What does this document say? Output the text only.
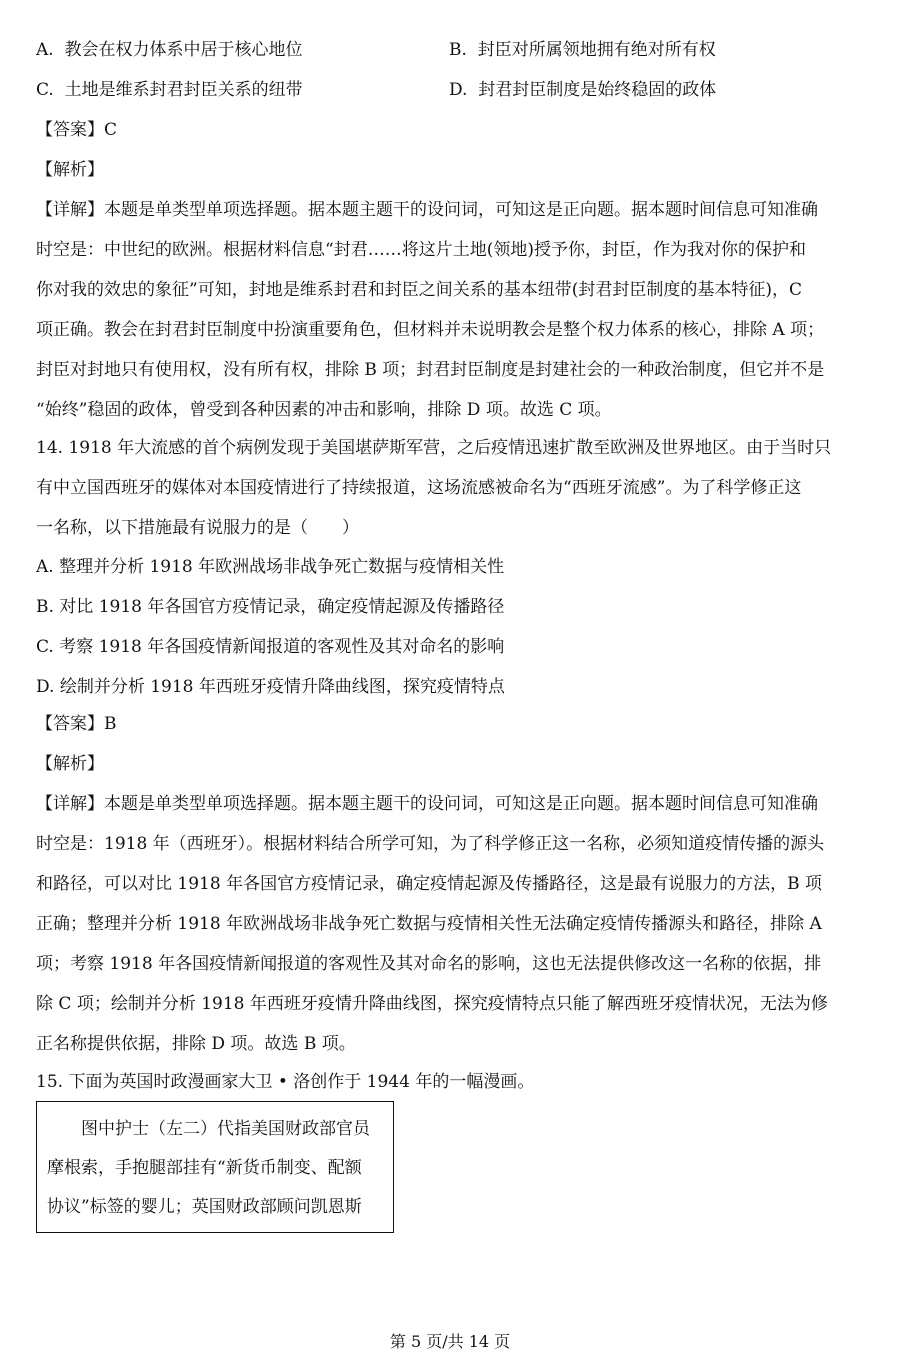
A. 教会在权力体系中居于核心地位	B. 封臣对所属领地拥有绝对所有权
C. 土地是维系封君封臣关系的纽带	D. 封君封臣制度是始终稳固的政体
【答案】C
【解析】
【详解】本题是单类型单项选择题。据本题主题干的设问词，可知这是正向题。据本题时间信息可知准确
时空是：中世纪的欧洲。根据材料信息“封君……将这片土地(领地)授予你，封臣，作为我对你的保护和
你对我的效忠的象征”可知，封地是维系封君和封臣之间关系的基本纽带(封君封臣制度的基本特征)，C
项正确。教会在封君封臣制度中扮演重要角色，但材料并未说明教会是整个权力体系的核心，排除 A 项；
封臣对封地只有使用权，没有所有权，排除 B 项；封君封臣制度是封建社会的一种政治制度，但它并不是
“始终”稳固的政体，曾受到各种因素的冲击和影响，排除 D 项。故选 C 项。
14. 1918 年大流感的首个病例发现于美国堪萨斯军营，之后疫情迅速扩散至欧洲及世界地区。由于当时只
有中立国西班牙的媒体对本国疫情进行了持续报道，这场流感被命名为“西班牙流感”。为了科学修正这
一名称，以下措施最有说服力的是（　　）
A. 整理并分析 1918 年欧洲战场非战争死亡数据与疫情相关性
B. 对比 1918 年各国官方疫情记录，确定疫情起源及传播路径
C. 考察 1918 年各国疫情新闻报道的客观性及其对命名的影响
D. 绘制并分析 1918 年西班牙疫情升降曲线图，探究疫情特点
【答案】B
【解析】
【详解】本题是单类型单项选择题。据本题主题干的设问词，可知这是正向题。据本题时间信息可知准确
时空是：1918 年（西班牙）。根据材料结合所学可知，为了科学修正这一名称，必须知道疫情传播的源头
和路径，可以对比 1918 年各国官方疫情记录，确定疫情起源及传播路径，这是最有说服力的方法，B 项
正确；整理并分析 1918 年欧洲战场非战争死亡数据与疫情相关性无法确定疫情传播源头和路径，排除 A
项；考察 1918 年各国疫情新闻报道的客观性及其对命名的影响，这也无法提供修改这一名称的依据，排
除 C 项；绘制并分析 1918 年西班牙疫情升降曲线图，探究疫情特点只能了解西班牙疫情状况，无法为修
正名称提供依据，排除 D 项。故选 B 项。
15. 下面为英国时政漫画家大卫 • 洛创作于 1944 年的一幅漫画。
　　图中护士（左二）代指美国财政部官员
摩根索，手抱腿部挂有“新货币制变、配额
协议”标签的婴儿；英国财政部顾问凯恩斯
第 5 页/共 14 页
